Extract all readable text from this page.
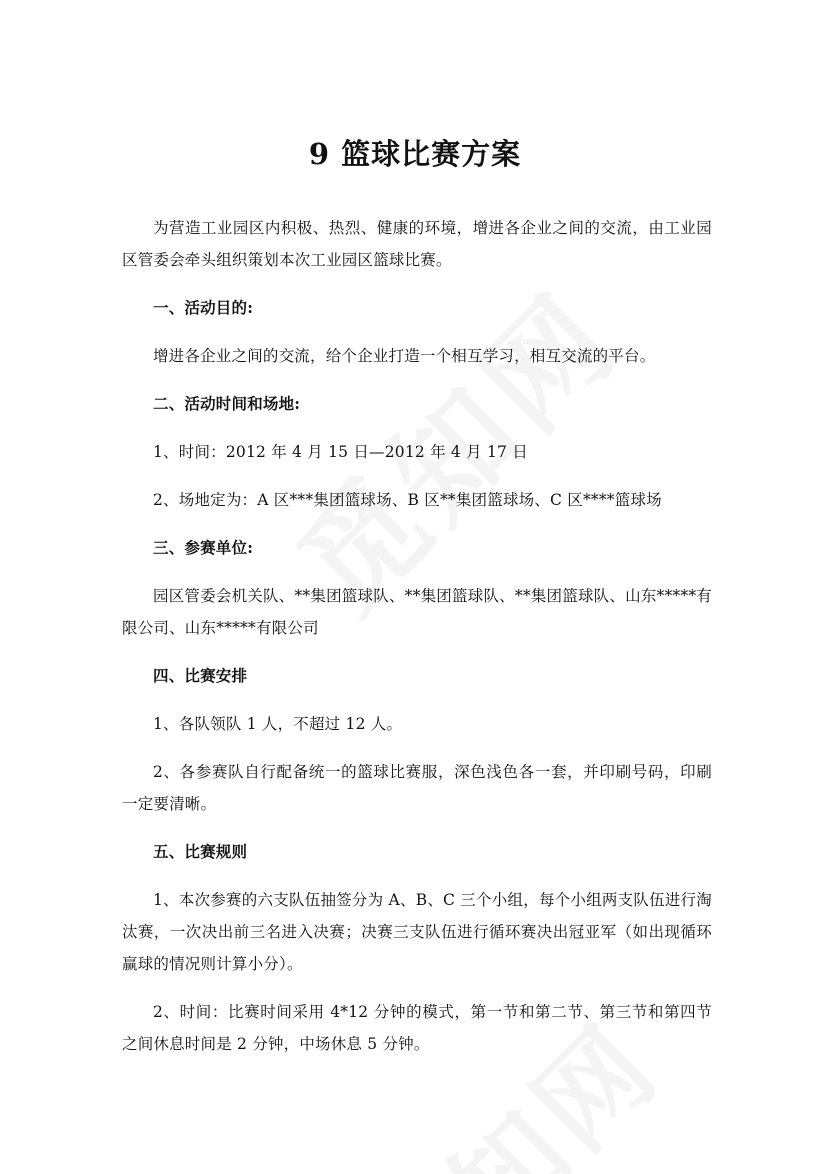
9 篮球比赛方案

为营造工业园区内积极、热烈、健康的环境，增进各企业之间的交流，由工业园区管委会牵头组织策划本次工业园区篮球比赛。

一、活动目的:

增进各企业之间的交流，给个企业打造一个相互学习，相互交流的平台。

二、活动时间和场地:

1、时间：2012 年 4 月 15 日—2012 年 4 月 17 日

2、场地定为：A 区***集团篮球场、B 区**集团篮球场、C 区****篮球场

三、参赛单位:

园区管委会机关队、**集团篮球队、**集团篮球队、**集团篮球队、山东*****有限公司、山东*****有限公司

四、比赛安排

1、各队领队 1 人，不超过 12 人。

2、各参赛队自行配备统一的篮球比赛服，深色浅色各一套，并印刷号码，印刷一定要清晰。

五、比赛规则

1、本次参赛的六支队伍抽签分为 A、B、C 三个小组，每个小组两支队伍进行淘汰赛，一次决出前三名进入决赛；决赛三支队伍进行循环赛决出冠亚军（如出现循环赢球的情况则计算小分）。

2、时间：比赛时间采用 4*12 分钟的模式，第一节和第二节、第三节和第四节之间休息时间是 2 分钟，中场休息 5 分钟。
